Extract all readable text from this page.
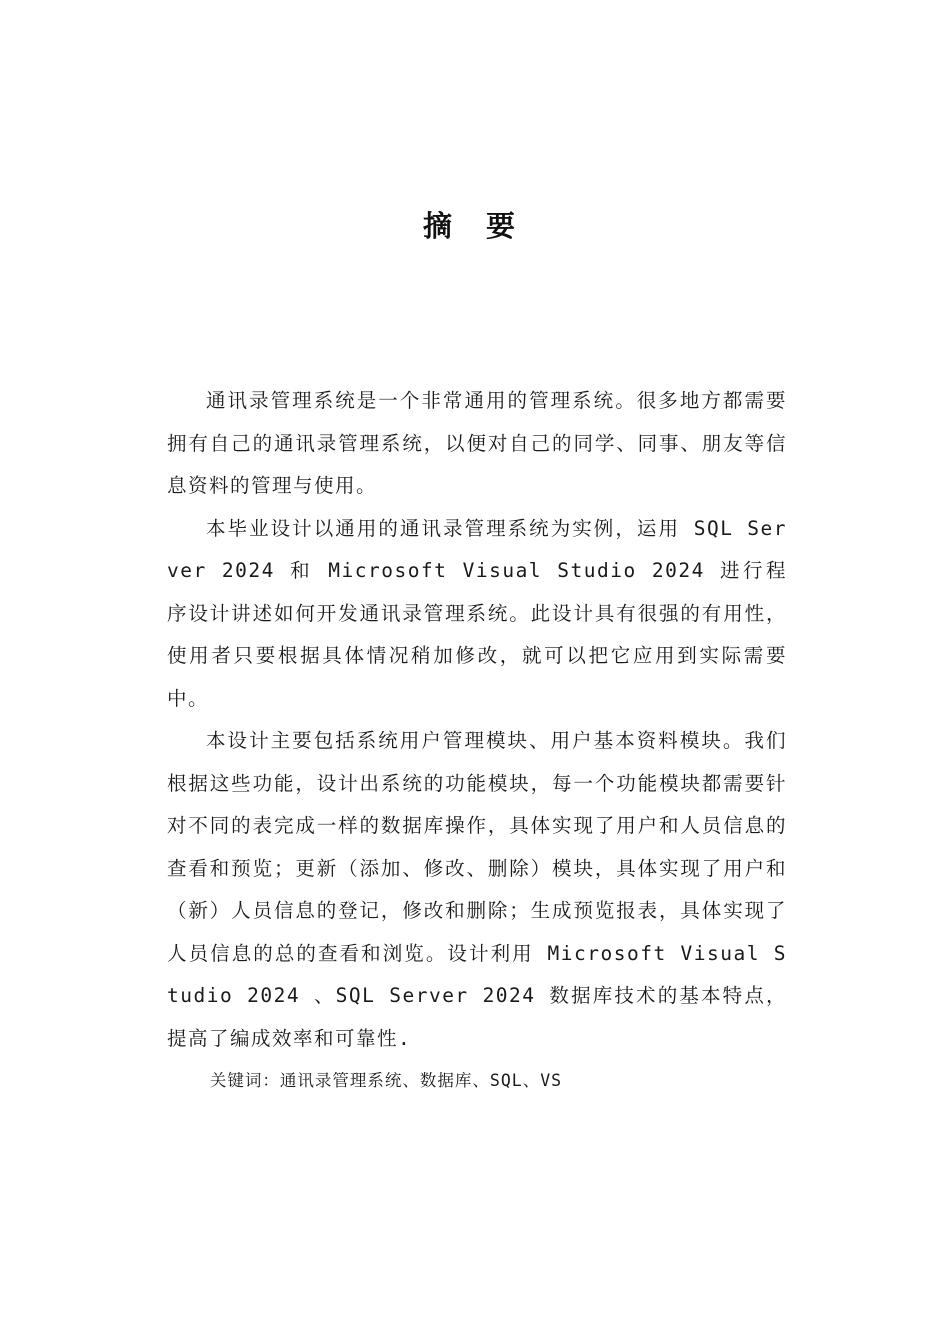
摘 要

通讯录管理系统是一个非常通用的管理系统。很多地方都需要拥有自己的通讯录管理系统，以便对自己的同学、同事、朋友等信息资料的管理与使用。

本毕业设计以通用的通讯录管理系统为实例，运用 SQL Server 2024 和 Microsoft Visual Studio 2024 进行程序设计讲述如何开发通讯录管理系统。此设计具有很强的有用性，使用者只要根据具体情况稍加修改，就可以把它应用到实际需要中。

本设计主要包括系统用户管理模块、用户基本资料模块。我们根据这些功能，设计出系统的功能模块，每一个功能模块都需要针对不同的表完成一样的数据库操作，具体实现了用户和人员信息的查看和预览；更新（添加、修改、删除）模块，具体实现了用户和（新）人员信息的登记，修改和删除；生成预览报表，具体实现了人员信息的总的查看和浏览。设计利用 Microsoft Visual Studio 2024 、SQL Server 2024 数据库技术的基本特点，提高了编成效率和可靠性.

关键词：通讯录管理系统、数据库、SQL、VS
